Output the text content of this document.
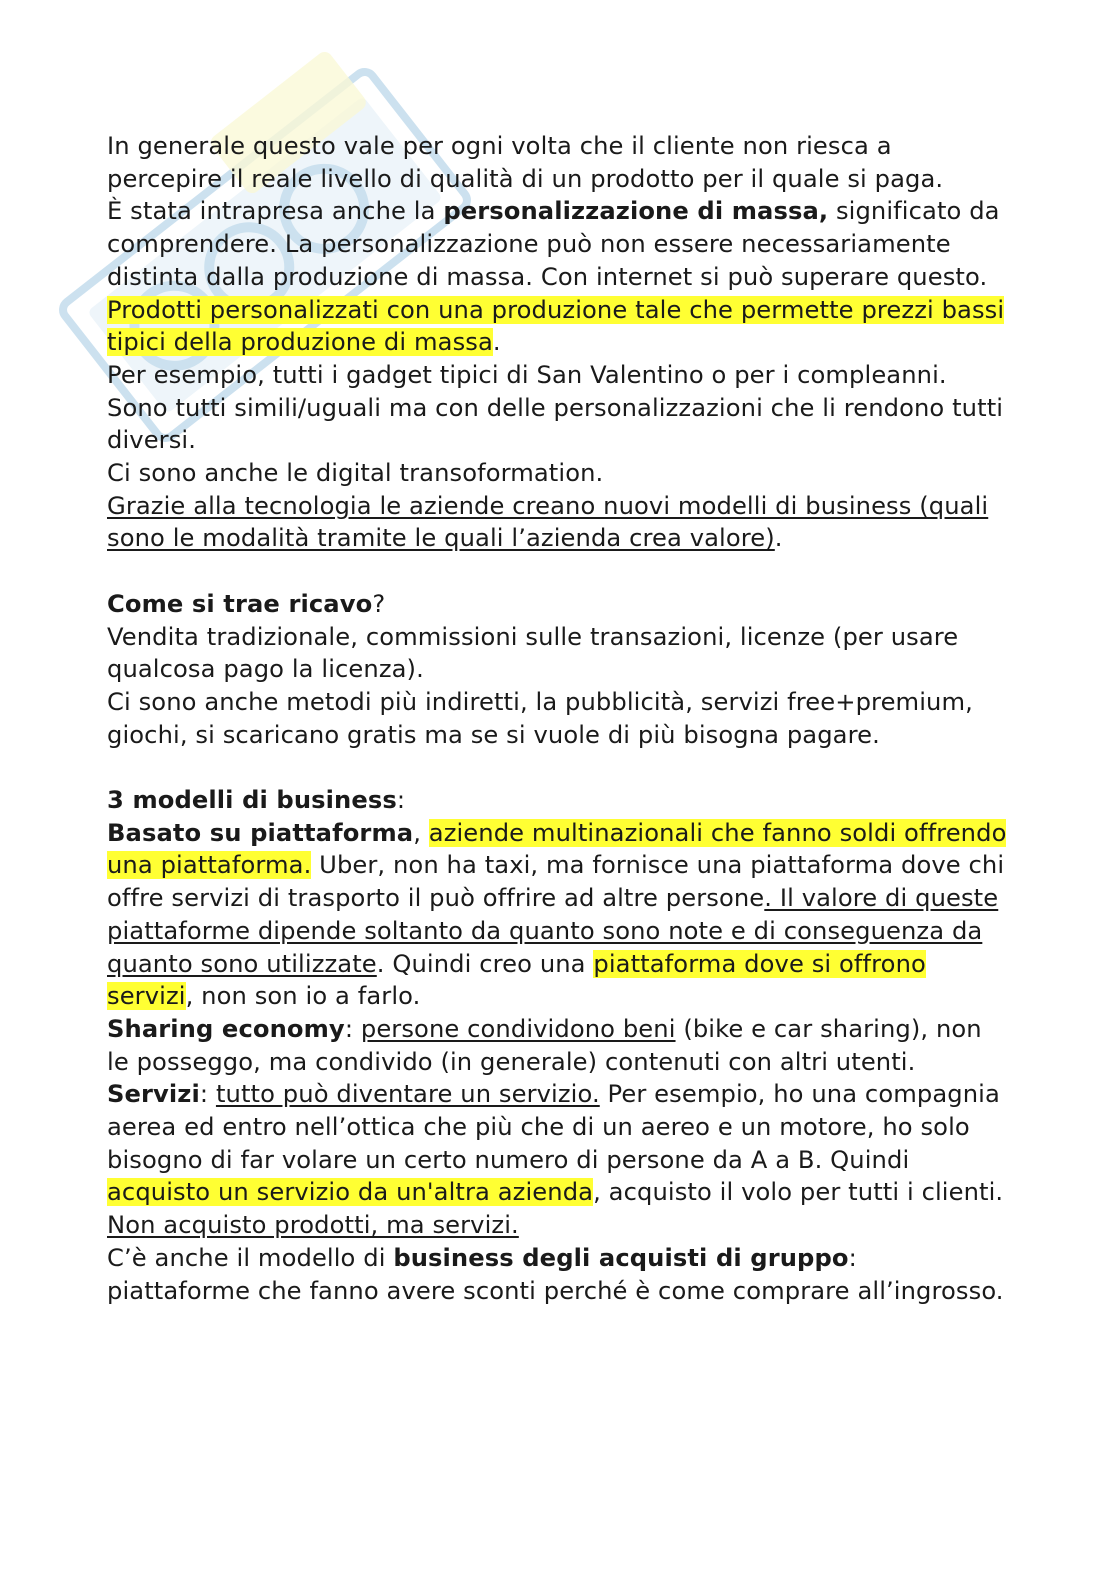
In generale questo vale per ogni volta che il cliente non riesca a percepire il reale livello di qualità di un prodotto per il quale si paga.

È stata intrapresa anche la personalizzazione di massa, significato da comprendere. La personalizzazione può non essere necessariamente distinta dalla produzione di massa. Con internet si può superare questo. Prodotti personalizzati con una produzione tale che permette prezzi bassi tipici della produzione di massa.

Per esempio, tutti i gadget tipici di San Valentino o per i compleanni. Sono tutti simili/uguali ma con delle personalizzazioni che li rendono tutti diversi.

Ci sono anche le digital transoformation.

Grazie alla tecnologia le aziende creano nuovi modelli di business (quali sono le modalità tramite le quali l’azienda crea valore).

Come si trae ricavo?

Vendita tradizionale, commissioni sulle transazioni, licenze (per usare qualcosa pago la licenza).

Ci sono anche metodi più indiretti, la pubblicità, servizi free+premium, giochi, si scaricano gratis ma se si vuole di più bisogna pagare.

3 modelli di business:

Basato su piattaforma, aziende multinazionali che fanno soldi offrendo una piattaforma. Uber, non ha taxi, ma fornisce una piattaforma dove chi offre servizi di trasporto il può offrire ad altre persone. Il valore di queste piattaforme dipende soltanto da quanto sono note e di conseguenza da quanto sono utilizzate. Quindi creo una piattaforma dove si offrono servizi, non son io a farlo.

Sharing economy: persone condividono beni (bike e car sharing), non le posseggo, ma condivido (in generale) contenuti con altri utenti.

Servizi: tutto può diventare un servizio. Per esempio, ho una compagnia aerea ed entro nell’ottica che più che di un aereo e un motore, ho solo bisogno di far volare un certo numero di persone da A a B. Quindi acquisto un servizio da un'altra azienda, acquisto il volo per tutti i clienti.

Non acquisto prodotti, ma servizi.

C’è anche il modello di business degli acquisti di gruppo: piattaforme che fanno avere sconti perché è come comprare all’ingrosso.
